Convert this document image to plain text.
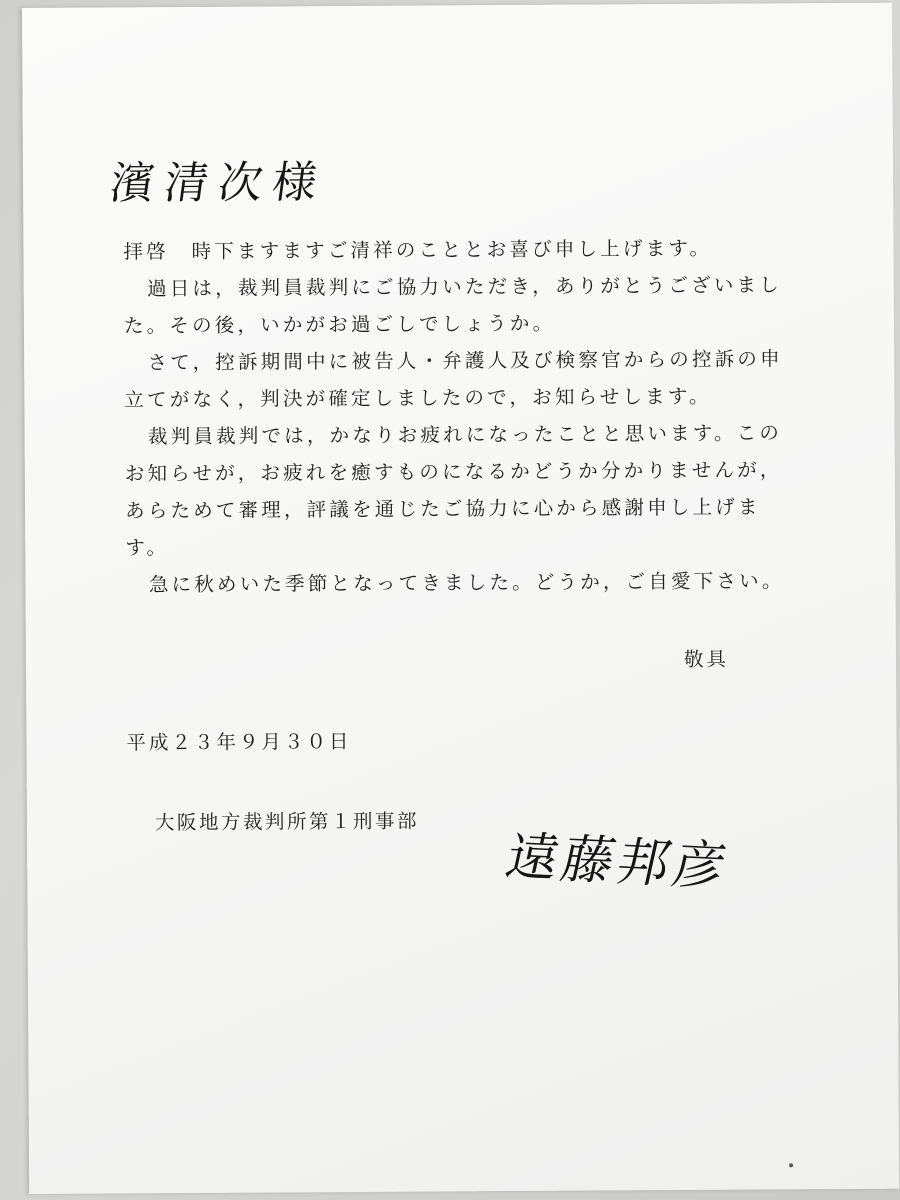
濱清次様

拝啓　時下ますますご清祥のこととお喜び申し上げます。

過日は，裁判員裁判にご協力いただき，ありがとうございました。その後，いかがお過ごしでしょうか。

さて，控訴期間中に被告人・弁護人及び検察官からの控訴の申立てがなく，判決が確定しましたので，お知らせします。

裁判員裁判では，かなりお疲れになったことと思います。このお知らせが，お疲れを癒すものになるかどうか分かりませんが，あらためて審理，評議を通じたご協力に心から感謝申し上げます。

急に秋めいた季節となってきました。どうか，ご自愛下さい。

敬具
平成２３年９月３０日
大阪地方裁判所第１刑事部
遠藤邦彦
